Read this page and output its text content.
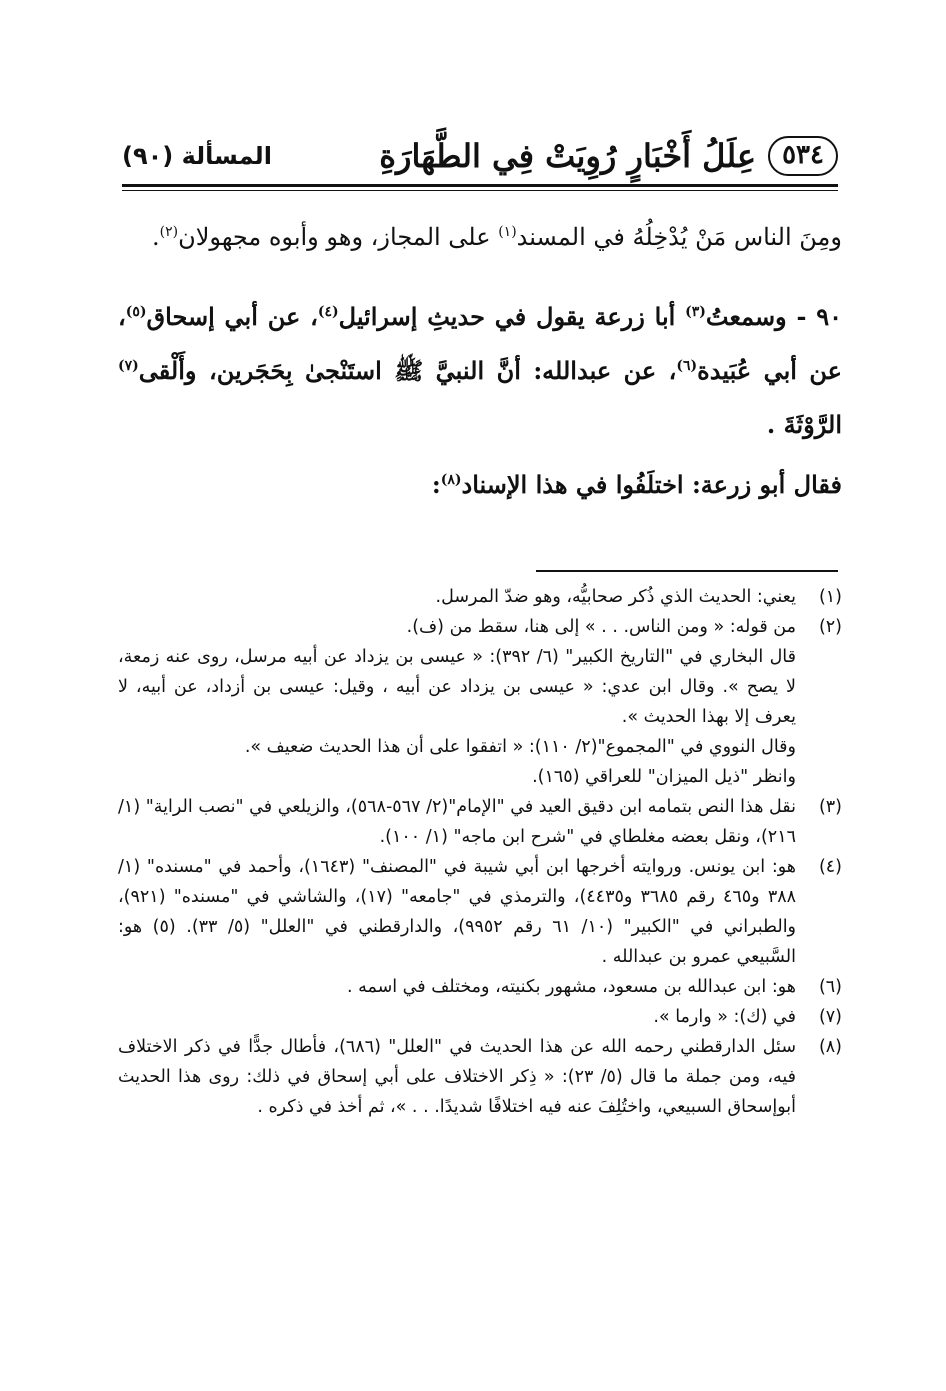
٥٣٤
عِلَلُ أَخْبَارٍ رُوِيَتْ فِي الطَّهَارَةِ
المسألة (٩٠)

ومِنَ الناس مَنْ يُدْخِلُهُ في المسند$^{(١)}$ على المجاز، وهو وأبوه مجهولان$^{(٢)}$.

٩٠ - وسمعتُ$^{(٣)}$ أبا زرعة يقول في حديثِ إسرائيل$^{(٤)}$، عن أبي إسحاق$^{(٥)}$، عن أبي عُبَيدة$^{(٦)}$، عن عبدالله: أنَّ النبيَّ ﷺ استَنْجىٰ بِحَجَرين، وأَلْقى$^{(٧)}$ الرَّوْثَةَ .

فقال أبو زرعة: اختلَفُوا في هذا الإسناد$^{(٨)}$:

(١)
يعني: الحديث الذي ذُكر صحابيُّه، وهو ضدّ المرسل.
(٢)
من قوله: « ومن الناس. . . » إلى هنا، سقط من (ف).
قال البخاري في "التاريخ الكبير" (٦/ ٣٩٢): « عيسى بن يزداد عن أبيه مرسل، روى عنه زمعة، لا يصح ». وقال ابن عدي: « عيسى بن يزداد عن أبيه ، وقيل: عيسى بن أزداد، عن أبيه، لا يعرف إلا بهذا الحديث ».
وقال النووي في "المجموع"(٢/ ١١٠): « اتفقوا على أن هذا الحديث ضعيف ».
وانظر "ذيل الميزان" للعراقي (١٦٥).
(٣)
نقل هذا النص بتمامه ابن دقيق العيد في "الإمام"(٢/ ٥٦٧-٥٦٨)، والزيلعي في "نصب الراية" (١/ ٢١٦)، ونقل بعضه مغلطاي في "شرح ابن ماجه" (١/ ١٠٠).
(٤)
هو: ابن يونس. وروايته أخرجها ابن أبي شيبة في "المصنف" (١٦٤٣)، وأحمد في "مسنده" (١/ ٣٨٨ و٤٦٥ رقم ٣٦٨٥ و٤٤٣٥)، والترمذي في "جامعه" (١٧)، والشاشي في "مسنده" (٩٢١)، والطبراني في "الكبير" (١٠/ ٦١ رقم ٩٩٥٢)، والدارقطني في "العلل" (٥/ ٣٣). (٥) هو: السَّبيعي عمرو بن عبدالله .
(٦)
هو: ابن عبدالله بن مسعود، مشهور بكنيته، ومختلف في اسمه .
(٧)
في (ك): « وارما ».
(٨)
سئل الدارقطني رحمه الله عن هذا الحديث في "العلل" (٦٨٦)، فأطال جدًّا في ذكر الاختلاف فيه، ومن جملة ما قال (٥/ ٢٣): « ذِكر الاختلاف على أبي إسحاق في ذلك: روى هذا الحديث أبوإسحاق السبيعي، واختُلِفَ عنه فيه اختلافًا شديدًا. . . »، ثم أخذ في ذكره .
